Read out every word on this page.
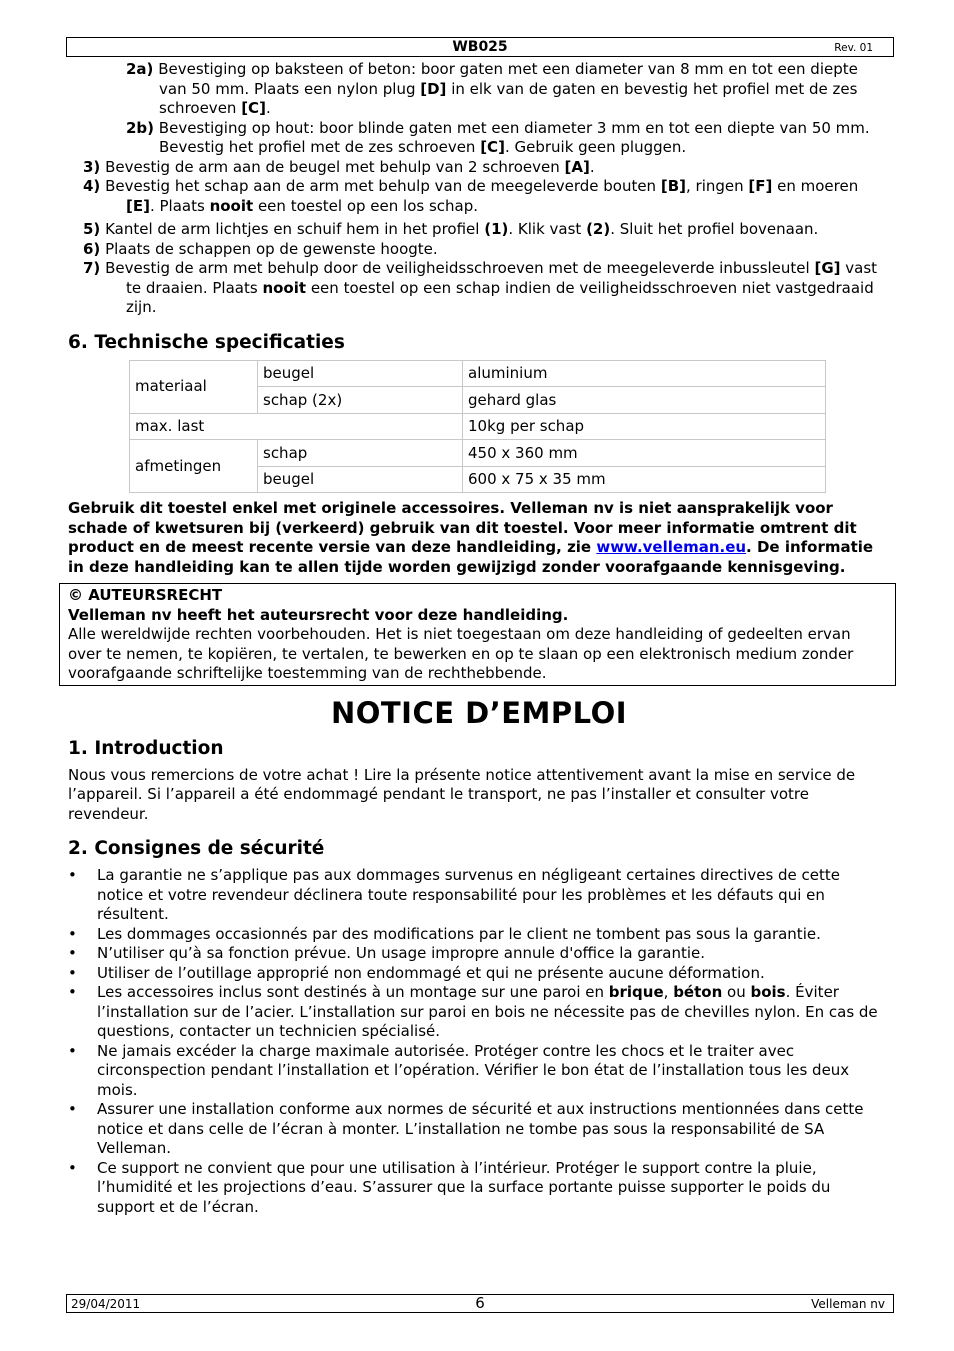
WB025	Rev. 01

2a) Bevestiging op baksteen of beton: boor gaten met een diameter van 8 mm en tot een diepte van 50 mm. Plaats een nylon plug [D] in elk van de gaten en bevestig het profiel met de zes schroeven [C].

2b) Bevestiging op hout: boor blinde gaten met een diameter 3 mm en tot een diepte van 50 mm. Bevestig het profiel met de zes schroeven [C]. Gebruik geen pluggen.

3) Bevestig de arm aan de beugel met behulp van 2 schroeven [A].

4) Bevestig het schap aan de arm met behulp van de meegeleverde bouten [B], ringen [F] en moeren [E]. Plaats nooit een toestel op een los schap.

5) Kantel de arm lichtjes en schuif hem in het profiel (1). Klik vast (2). Sluit het profiel bovenaan.

6) Plaats de schappen op de gewenste hoogte.

7) Bevestig de arm met behulp door de veiligheidsschroeven met de meegeleverde inbussleutel [G] vast te draaien. Plaats nooit een toestel op een schap indien de veiligheidsschroeven niet vastgedraaid zijn.

6. Technische specificaties
materiaal	beugel	aluminium
	schap (2x)	gehard glas
max. last		10kg per schap
afmetingen	schap	450 x 360 mm
	beugel	600 x 75 x 35 mm

Gebruik dit toestel enkel met originele accessoires. Velleman nv is niet aansprakelijk voor schade of kwetsuren bij (verkeerd) gebruik van dit toestel. Voor meer informatie omtrent dit product en de meest recente versie van deze handleiding, zie www.velleman.eu. De informatie in deze handleiding kan te allen tijde worden gewijzigd zonder voorafgaande kennisgeving.

© AUTEURSRECHT

Velleman nv heeft het auteursrecht voor deze handleiding.

Alle wereldwijde rechten voorbehouden. Het is niet toegestaan om deze handleiding of gedeelten ervan over te nemen, te kopiëren, te vertalen, te bewerken en op te slaan op een elektronisch medium zonder voorafgaande schriftelijke toestemming van de rechthebbende.

NOTICE D’EMPLOI
1. Introduction

Nous vous remercions de votre achat ! Lire la présente notice attentivement avant la mise en service de l’appareil. Si l’appareil a été endommagé pendant le transport, ne pas l’installer et consulter votre revendeur.

2. Consignes de sécurité
• La garantie ne s’applique pas aux dommages survenus en négligeant certaines directives de cette notice et votre revendeur déclinera toute responsabilité pour les problèmes et les défauts qui en résultent.
• Les dommages occasionnés par des modifications par le client ne tombent pas sous la garantie.
• N’utiliser qu’à sa fonction prévue. Un usage impropre annule d'office la garantie.
• Utiliser de l’outillage approprié non endommagé et qui ne présente aucune déformation.
• Les accessoires inclus sont destinés à un montage sur une paroi en brique, béton ou bois. Éviter l’installation sur de l’acier. L’installation sur paroi en bois ne nécessite pas de chevilles nylon. En cas de questions, contacter un technicien spécialisé.
• Ne jamais excéder la charge maximale autorisée. Protéger contre les chocs et le traiter avec circonspection pendant l’installation et l’opération. Vérifier le bon état de l’installation tous les deux mois.
• Assurer une installation conforme aux normes de sécurité et aux instructions mentionnées dans cette notice et dans celle de l’écran à monter. L’installation ne tombe pas sous la responsabilité de SA Velleman.
• Ce support ne convient que pour une utilisation à l’intérieur. Protéger le support contre la pluie, l’humidité et les projections d’eau. S’assurer que la surface portante puisse supporter le poids du support et de l’écran.
29/04/2011	6	Velleman nv
